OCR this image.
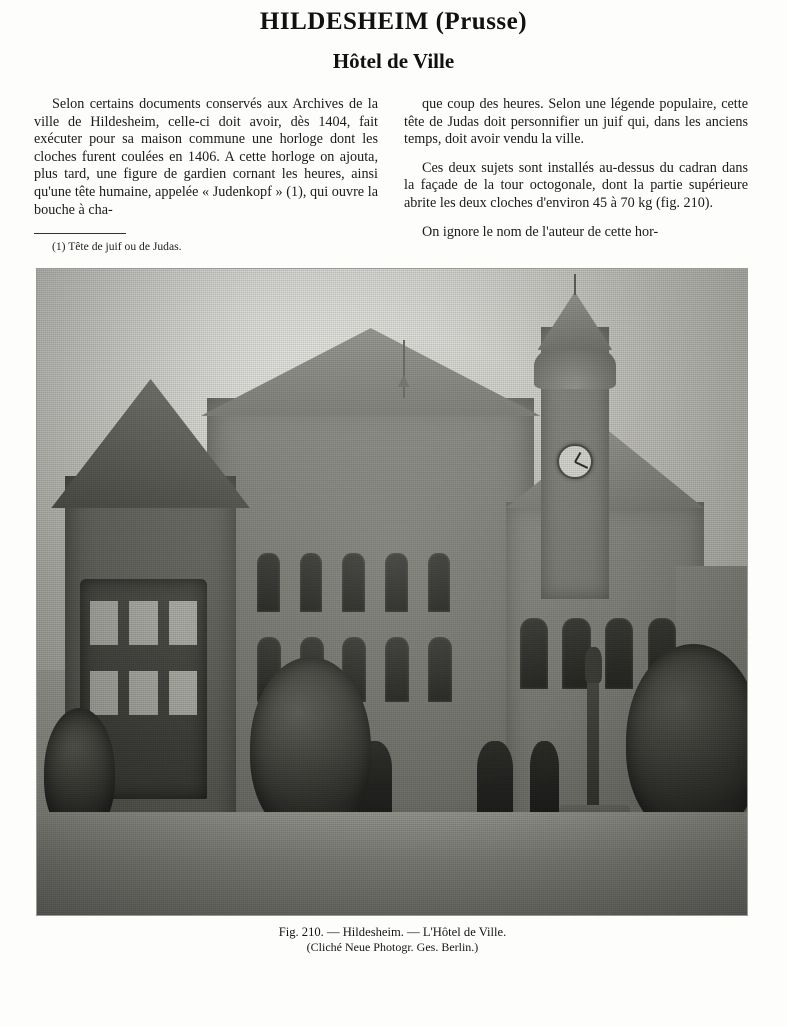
HILDESHEIM (Prusse)
Hôtel de Ville

Selon certains documents conservés aux Archives de la ville de Hildesheim, celle-ci doit avoir, dès 1404, fait exécuter pour sa maison commune une horloge dont les cloches furent coulées en 1406. A cette horloge on ajouta, plus tard, une figure de gardien cornant les heures, ainsi qu'une tête humaine, appelée « Judenkopf » (1), qui ouvre la bouche à cha-

(1) Tête de juif ou de Judas.

que coup des heures. Selon une légende populaire, cette tête de Judas doit personnifier un juif qui, dans les anciens temps, doit avoir vendu la ville.

Ces deux sujets sont installés au-dessus du cadran dans la façade de la tour octogonale, dont la partie supérieure abrite les deux cloches d'environ 45 à 70 kg (fig. 210).

On ignore le nom de l'auteur de cette hor-

Fig. 210. — Hildesheim. — L'Hôtel de Ville.
(Cliché Neue Photogr. Ges. Berlin.)
